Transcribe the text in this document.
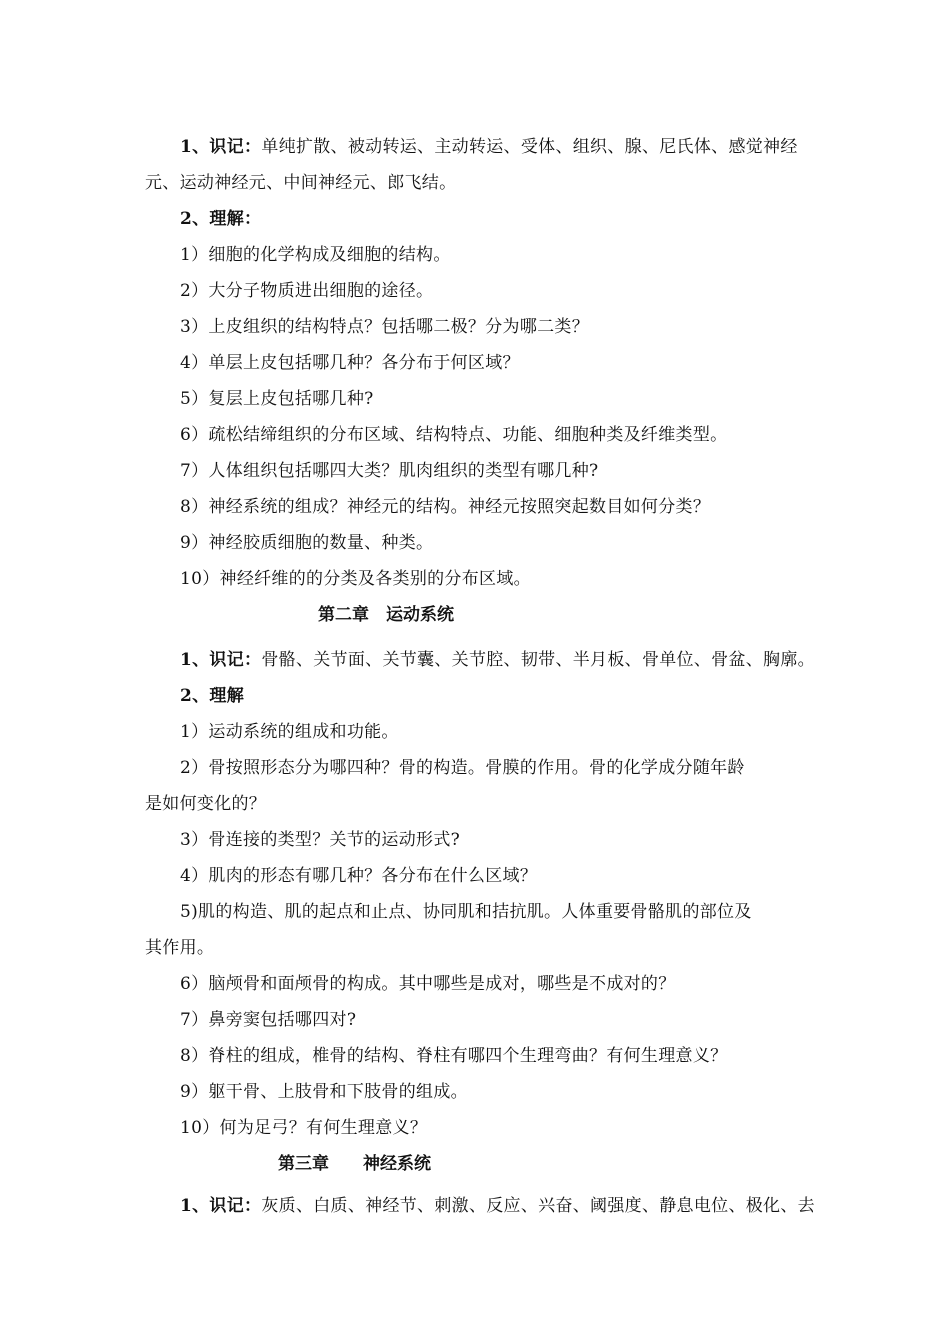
1、识记：单纯扩散、被动转运、主动转运、受体、组织、腺、尼氏体、感觉神经
元、运动神经元、中间神经元、郎飞结。
2、理解：
1）细胞的化学构成及细胞的结构。
2）大分子物质进出细胞的途径。
3）上皮组织的结构特点？包括哪二极？分为哪二类？
4）单层上皮包括哪几种？各分布于何区域？
5）复层上皮包括哪几种?
6）疏松结缔组织的分布区域、结构特点、功能、细胞种类及纤维类型。
7）人体组织包括哪四大类？肌肉组织的类型有哪几种?
8）神经系统的组成？神经元的结构。神经元按照突起数目如何分类？
9）神经胶质细胞的数量、种类。
10）神经纤维的的分类及各类别的分布区域。
第二章　运动系统
1、识记：骨骼、关节面、关节囊、关节腔、韧带、半月板、骨单位、骨盆、胸廓。
2、理解
1）运动系统的组成和功能。
2）骨按照形态分为哪四种？骨的构造。骨膜的作用。骨的化学成分随年龄
是如何变化的？
3）骨连接的类型？关节的运动形式?
4）肌肉的形态有哪几种？各分布在什么区域？
5)肌的构造、肌的起点和止点、协同肌和拮抗肌。人体重要骨骼肌的部位及
其作用。
6）脑颅骨和面颅骨的构成。其中哪些是成对，哪些是不成对的？
7）鼻旁窦包括哪四对?
8）脊柱的组成，椎骨的结构、脊柱有哪四个生理弯曲？有何生理意义？
9）躯干骨、上肢骨和下肢骨的组成。
10）何为足弓？有何生理意义？
第三章　　神经系统
1、识记：灰质、白质、神经节、刺激、反应、兴奋、阈强度、静息电位、极化、去
